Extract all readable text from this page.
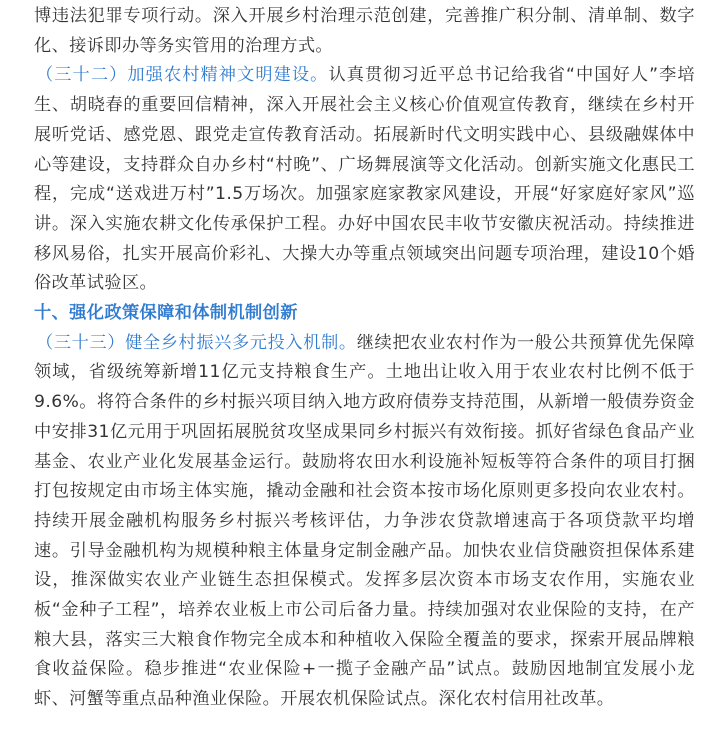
博违法犯罪专项行动。深入开展乡村治理示范创建，完善推广积分制、清单制、数字化、接诉即办等务实管用的治理方式。

（三十二）加强农村精神文明建设。认真贯彻习近平总书记给我省“中国好人”李培生、胡晓春的重要回信精神，深入开展社会主义核心价值观宣传教育，继续在乡村开展听党话、感党恩、跟党走宣传教育活动。拓展新时代文明实践中心、县级融媒体中心等建设，支持群众自办乡村“村晚”、广场舞展演等文化活动。创新实施文化惠民工程，完成“送戏进万村”1.5万场次。加强家庭家教家风建设，开展“好家庭好家风”巡讲。深入实施农耕文化传承保护工程。办好中国农民丰收节安徽庆祝活动。持续推进移风易俗，扎实开展高价彩礼、大操大办等重点领域突出问题专项治理，建设10个婚俗改革试验区。

十、强化政策保障和体制机制创新

（三十三）健全乡村振兴多元投入机制。继续把农业农村作为一般公共预算优先保障领域，省级统筹新增11亿元支持粮食生产。土地出让收入用于农业农村比例不低于9.6%。将符合条件的乡村振兴项目纳入地方政府债券支持范围，从新增一般债券资金中安排31亿元用于巩固拓展脱贫攻坚成果同乡村振兴有效衔接。抓好省绿色食品产业基金、农业产业化发展基金运行。鼓励将农田水利设施补短板等符合条件的项目打捆打包按规定由市场主体实施，撬动金融和社会资本按市场化原则更多投向农业农村。持续开展金融机构服务乡村振兴考核评估，力争涉农贷款增速高于各项贷款平均增速。引导金融机构为规模种粮主体量身定制金融产品。加快农业信贷融资担保体系建设，推深做实农业产业链生态担保模式。发挥多层次资本市场支农作用，实施农业板“金种子工程”，培养农业板上市公司后备力量。持续加强对农业保险的支持，在产粮大县，落实三大粮食作物完全成本和种植收入保险全覆盖的要求，探索开展品牌粮食收益保险。稳步推进“农业保险+一揽子金融产品”试点。鼓励因地制宜发展小龙虾、河蟹等重点品种渔业保险。开展农机保险试点。深化农村信用社改革。
